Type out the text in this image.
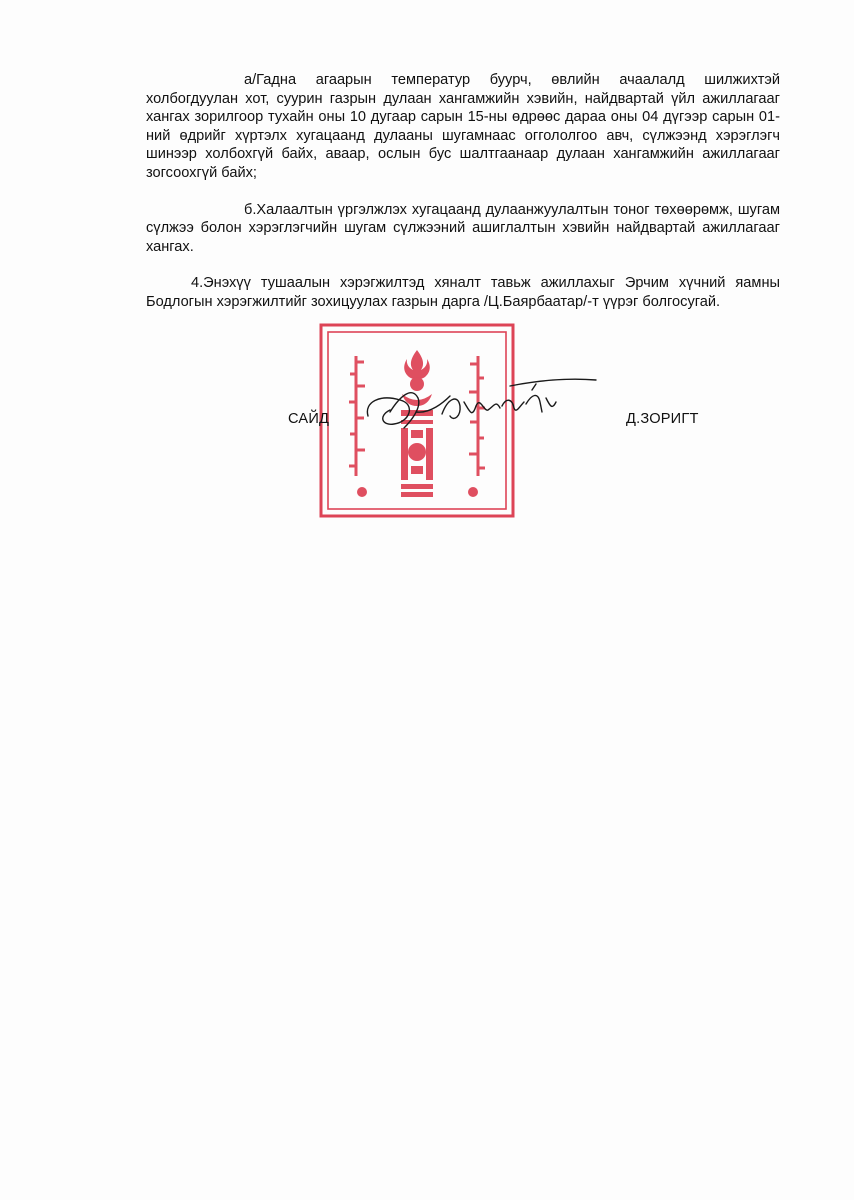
а/Гадна агаарын температур буурч, өвлийн ачаалалд шилжихтэй холбогдуулан хот, суурин газрын дулаан хангамжийн хэвийн, найдвартай үйл ажиллагааг хангах зорилгоор тухайн оны 10 дугаар сарын 15-ны өдрөөс дараа оны 04 дүгээр сарын 01-ний өдрийг хүртэлх хугацаанд дулааны шугамнаас оггололгоо авч, сүлжээнд хэрэглэгч шинээр холбохгүй байх, аваар, ослын бус шалтгаанаар дулаан хангамжийн ажиллагааг зогсоохгүй байх;

б.Халаалтын үргэлжлэх хугацаанд дулаанжуулалтын тоног төхөөрөмж, шугам сүлжээ болон хэрэглэгчийн шугам сүлжээний ашиглалтын хэвийн найдвартай ажиллагааг хангах.

4.Энэхүү тушаалын хэрэгжилтэд хяналт тавьж ажиллахыг Эрчим хүчний яамны Бодлогын хэрэгжилтийг зохицуулах газрын дарга /Ц.Баярбаатар/-т үүрэг болгосугай.

САЙД	Д.ЗОРИГТ
